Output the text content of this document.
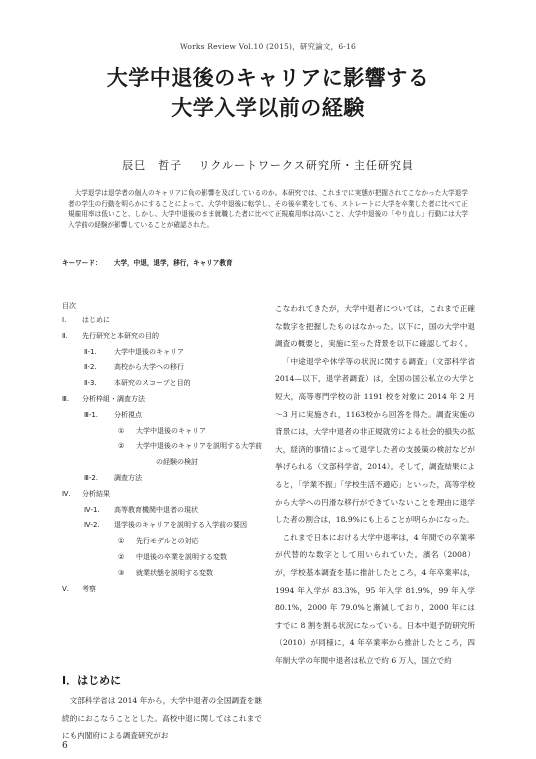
Works Review Vol.10 (2015)，研究論文，6-16
大学中退後のキャリアに影響する
大学入学以前の経験
辰巳　哲子 リクルートワークス研究所・主任研究員
大学退学は退学者の個人のキャリアに負の影響を及ぼしているのか。本研究では、これまでに実態が把握されてこなかった大学退学者の学生の行動を明らかにすることによって、大学中退後に転学し、その後卒業をしても、ストレートに大学を卒業した者に比べて正規雇用率は低いこと、しかし、大学中退後のまま就職した者に比べて正規雇用率は高いこと、大学中退後の「やり直し」行動には大学入学前の経験が影響していることが確認された。
キーワード： 大学，中退，退学，移行，キャリア教育
目次
Ⅰ. はじめに
Ⅱ. 先行研究と本研究の目的
Ⅱ-1. 大学中退後のキャリア
Ⅱ-2. 高校から大学への移行
Ⅱ-3. 本研究のスコープと目的
Ⅲ. 分析枠組・調査方法
Ⅲ-1. 分析視点
① 大学中退後のキャリア
② 大学中退後のキャリアを説明する大学前
の経験の検討
Ⅲ-2. 調査方法
Ⅳ. 分析結果
Ⅳ-1. 高等教育機関中退者の現状
Ⅳ-2. 退学後のキャリアを説明する入学前の要因
① 先行モデルとの対応
② 中退後の卒業を説明する変数
③ 就業状態を説明する変数
Ⅴ. 考察
Ⅰ．はじめに

文部科学省は 2014 年から，大学中退者の全国調査を継続的におこなうこととした。高校中退に関してはこれまでにも内閣府による調査研究がお

こなわれてきたが，大学中退者については，これまで正確な数字を把握したものはなかった。以下に，国の大学中退調査の概要と，実施に至った背景を以下に確認しておく。

「中途退学や休学等の状況に関する調査」（文部科学省 2014—以下，退学者調査）は，全国の国公私立の大学と短大，高等専門学校の計 1191 校を対象に 2014 年 2 月～3 月に実施され，1163校から回答を得た。調査実施の背景には，大学中退者の非正規就労による社会的損失の拡大，経済的事情によって退学した者の支援策の検討などが挙げられる（文部科学省，2014）。そして，調査結果によると，「学業不振」「学校生活不適応」といった，高等学校から大学への円滑な移行ができていないことを理由に退学した者の割合は，18.9%にも上ることが明らかになった。

これまで日本における大学中退率は，4 年間での卒業率が代替的な数字として用いられていた。濱名（2008）が，学校基本調査を基に推計したところ，4 年卒業率は，1994 年入学が 83.3%，95 年入学 81.9%，99 年入学 80.1%，2000 年 79.0%と漸減しており，2000 年にはすでに 8 割を割る状況になっている。日本中退予防研究所（2010）が同様に，4 年卒業率から推計したところ，四年制大学の年間中退者は私立で約 6 万人，国立で約

6
